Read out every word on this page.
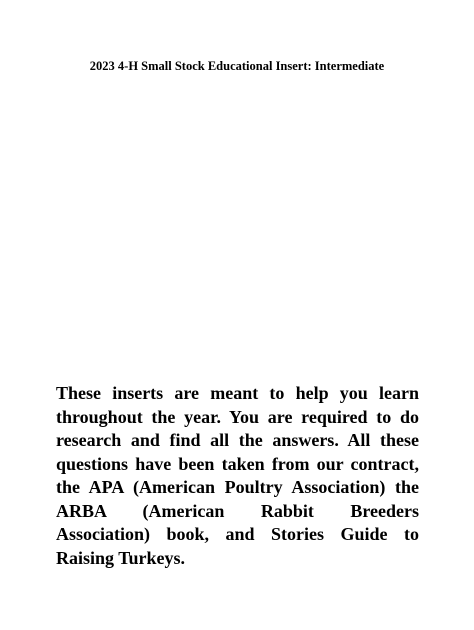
2023 4-H Small Stock Educational Insert: Intermediate

These inserts are meant to help you learn throughout the year. You are required to do research and find all the answers. All these questions have been taken from our contract, the APA (American Poultry Association) the ARBA (American Rabbit Breeders Association) book, and Stories Guide to Raising Turkeys.
